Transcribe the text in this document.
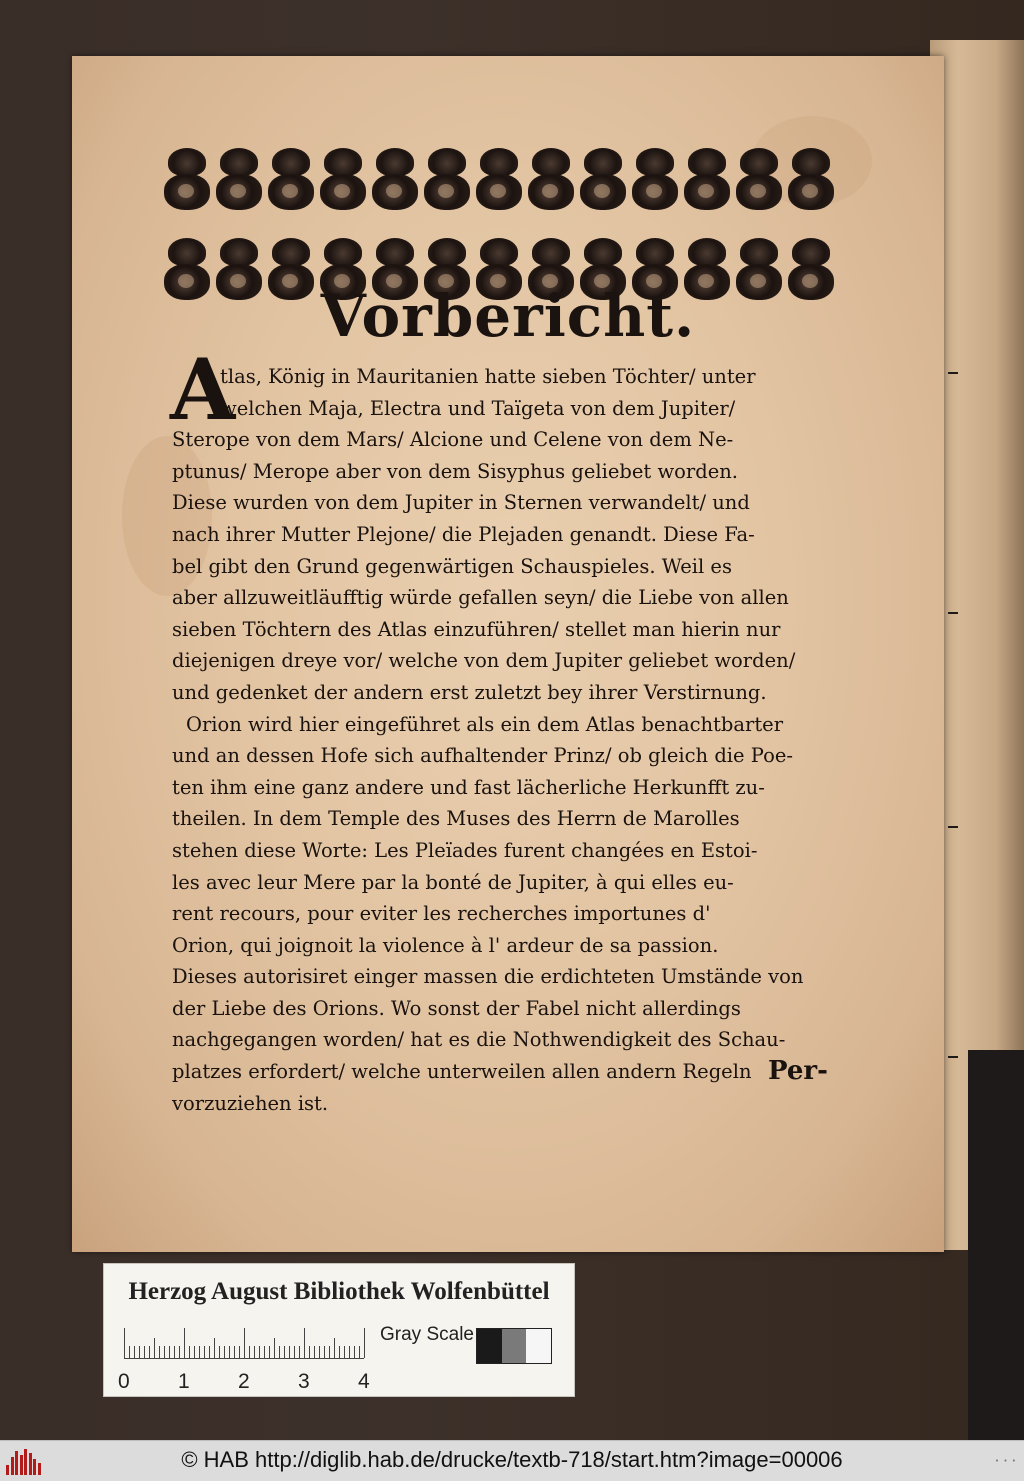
Vorbericht.
A
tlas, König in Mauritanien hatte sieben Töchter/ unter
welchen Maja, Electra und Taïgeta von dem Jupiter/
Sterope von dem Mars/ Alcione und Celene von dem Ne-
ptunus/ Merope aber von dem Sisyphus geliebet worden.
Diese wurden von dem Jupiter in Sternen verwandelt/ und
nach ihrer Mutter Plejone/ die Plejaden genandt. Diese Fa-
bel gibt den Grund gegenwärtigen Schauspieles. Weil es
aber allzuweitläufftig würde gefallen seyn/ die Liebe von allen
sieben Töchtern des Atlas einzuführen/ stellet man hierin nur
diejenigen dreye vor/ welche von dem Jupiter geliebet worden/
und gedenket der andern erst zuletzt bey ihrer Verstirnung.
Orion wird hier eingeführet als ein dem Atlas benachtbarter
und an dessen Hofe sich aufhaltender Prinz/ ob gleich die Poe-
ten ihm eine ganz andere und fast lächerliche Herkunfft zu-
theilen. In dem Temple des Muses des Herrn de Marolles
stehen diese Worte: Les Pleïades furent changées en Estoi-
les avec leur Mere par la bonté de Jupiter, à qui elles eu-
rent recours, pour eviter les recherches importunes d'
Orion, qui joignoit la violence à l' ardeur de sa passion.
Dieses autorisiret einger massen die erdichteten Umstände von
der Liebe des Orions. Wo sonst der Fabel nicht allerdings
nachgegangen worden/ hat es die Nothwendigkeit des Schau-
platzes erfordert/ welche unterweilen allen andern Regeln
vorzuziehen ist.
Per-
Herzog August Bibliothek Wolfenbüttel
0 1 2 3 4
Gray Scale
© HAB http://diglib.hab.de/drucke/textb-718/start.htm?image=00006	• • •
